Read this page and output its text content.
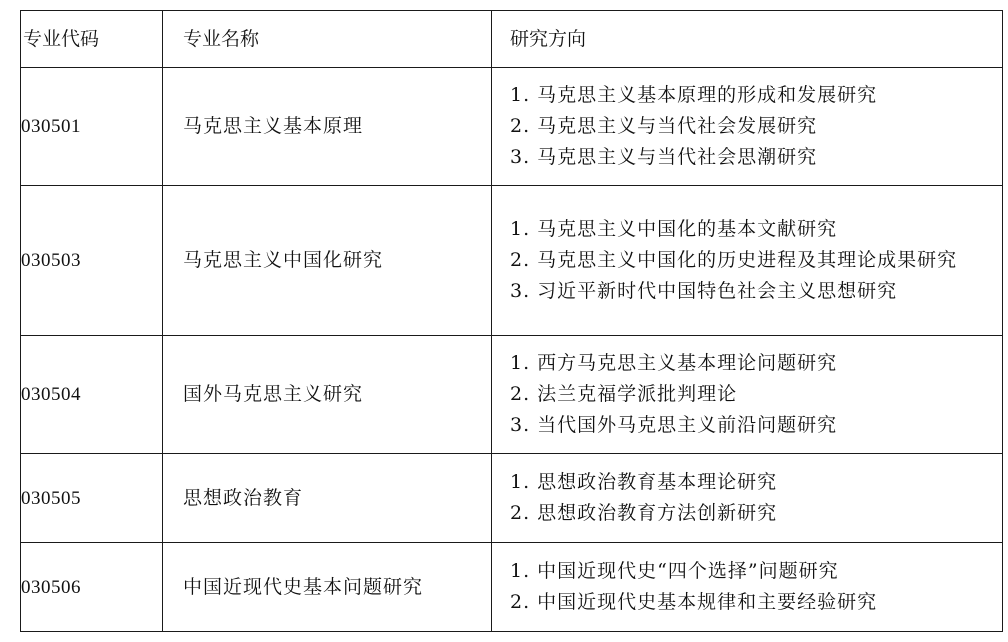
专业代码	专业名称	研究方向
030501	马克思主义基本原理	1. 马克思主义基本原理的形成和发展研究
2. 马克思主义与当代社会发展研究
3. 马克思主义与当代社会思潮研究

030503	马克思主义中国化研究	1. 马克思主义中国化的基本文献研究
2. 马克思主义中国化的历史进程及其理论成果研究
3. 习近平新时代中国特色社会主义思想研究

030504	国外马克思主义研究	1. 西方马克思主义基本理论问题研究
2. 法兰克福学派批判理论
3. 当代国外马克思主义前沿问题研究

030505	思想政治教育	1. 思想政治教育基本理论研究
2. 思想政治教育方法创新研究

030506	中国近现代史基本问题研究	1. 中国近现代史“四个选择”问题研究
2. 中国近现代史基本规律和主要经验研究
